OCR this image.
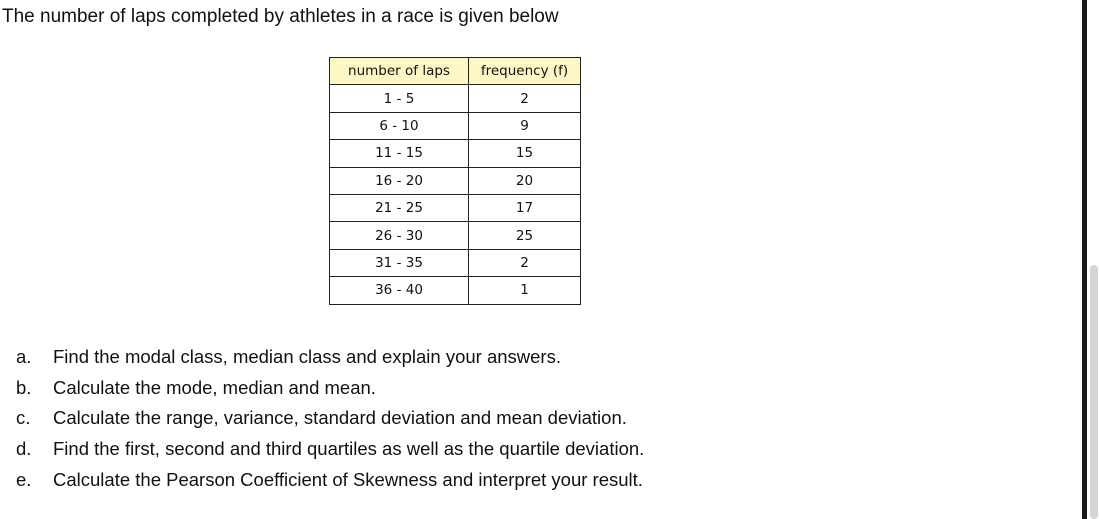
The number of laps completed by athletes in a race is given below
number of laps	frequency (f)
1 - 5	2
6 - 10	9
11 - 15	15
16 - 20	20
21 - 25	17
26 - 30	25
31 - 35	2
36 - 40	1
a.	Find the modal class, median class and explain your answers.
b.	Calculate the mode, median and mean.
c.	Calculate the range, variance, standard deviation and mean deviation.
d.	Find the first, second and third quartiles as well as the quartile deviation.
e.	Calculate the Pearson Coefficient of Skewness and interpret your result.
